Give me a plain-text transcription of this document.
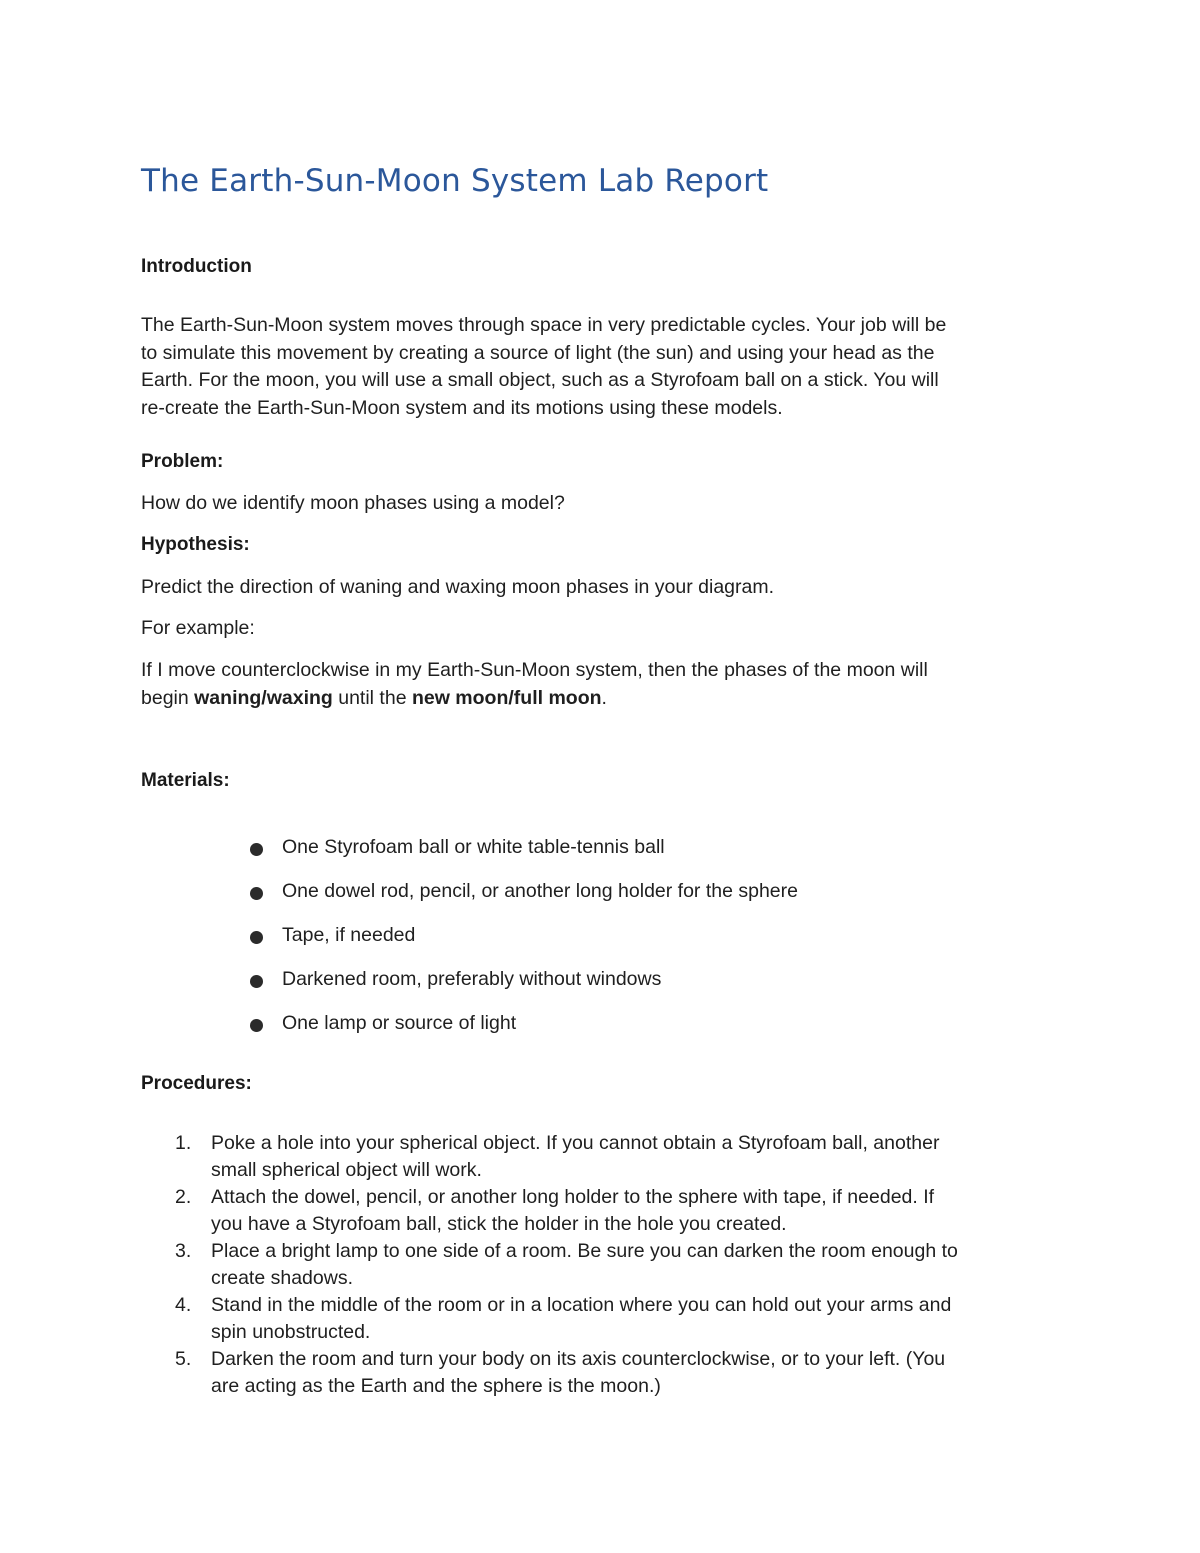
The Earth-Sun-Moon System Lab Report
Introduction
The Earth-Sun-Moon system moves through space in very predictable cycles. Your job will be
to simulate this movement by creating a source of light (the sun) and using your head as the
Earth. For the moon, you will use a small object, such as a Styrofoam ball on a stick. You will
re-create the Earth-Sun-Moon system and its motions using these models.
Problem:
How do we identify moon phases using a model?
Hypothesis:
Predict the direction of waning and waxing moon phases in your diagram.
For example:
If I move counterclockwise in my Earth-Sun-Moon system, then the phases of the moon will
begin waning/waxing until the new moon/full moon.
Materials:
One Styrofoam ball or white table-tennis ball
One dowel rod, pencil, or another long holder for the sphere
Tape, if needed
Darkened room, preferably without windows
One lamp or source of light
Procedures:
1.	Poke a hole into your spherical object. If you cannot obtain a Styrofoam ball, another
small spherical object will work.
2.	Attach the dowel, pencil, or another long holder to the sphere with tape, if needed. If
you have a Styrofoam ball, stick the holder in the hole you created.
3.	Place a bright lamp to one side of a room. Be sure you can darken the room enough to
create shadows.
4.	Stand in the middle of the room or in a location where you can hold out your arms and
spin unobstructed.
5.	Darken the room and turn your body on its axis counterclockwise, or to your left. (You
are acting as the Earth and the sphere is the moon.)
